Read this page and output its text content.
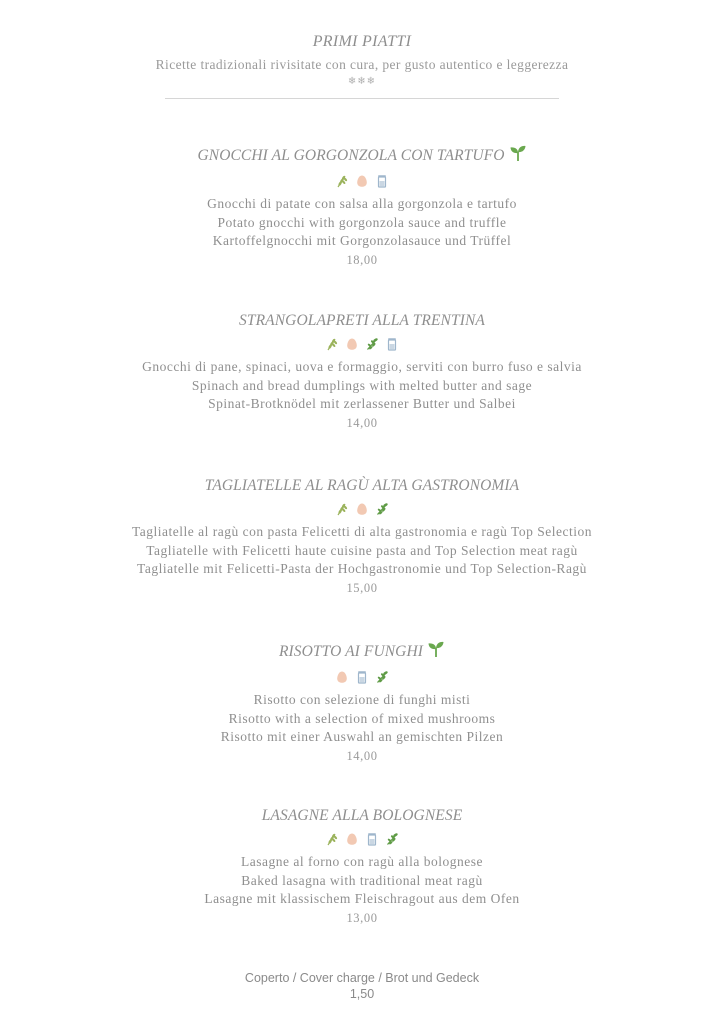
PRIMI PIATTI
Ricette tradizionali rivisitate con cura, per gusto autentico e leggerezza
❄❄❄
GNOCCHI AL GORGONZOLA CON TARTUFO
Gnocchi di patate con salsa alla gorgonzola e tartufo
Potato gnocchi with gorgonzola sauce and truffle
Kartoffelgnocchi mit Gorgonzolasauce und Trüffel
18,00
STRANGOLAPRETI ALLA TRENTINA
Gnocchi di pane, spinaci, uova e formaggio, serviti con burro fuso e salvia
Spinach and bread dumplings with melted butter and sage
Spinat-Brotknödel mit zerlassener Butter und Salbei
14,00
TAGLIATELLE AL RAGÙ ALTA GASTRONOMIA
Tagliatelle al ragù con pasta Felicetti di alta gastronomia e ragù Top Selection
Tagliatelle with Felicetti haute cuisine pasta and Top Selection meat ragù
Tagliatelle mit Felicetti-Pasta der Hochgastronomie und Top Selection-Ragù
15,00
RISOTTO AI FUNGHI
Risotto con selezione di funghi misti
Risotto with a selection of mixed mushrooms
Risotto mit einer Auswahl an gemischten Pilzen
14,00
LASAGNE ALLA BOLOGNESE
Lasagne al forno con ragù alla bolognese
Baked lasagna with traditional meat ragù
Lasagne mit klassischem Fleischragout aus dem Ofen
13,00
Coperto / Cover charge / Brot und Gedeck
1,50
